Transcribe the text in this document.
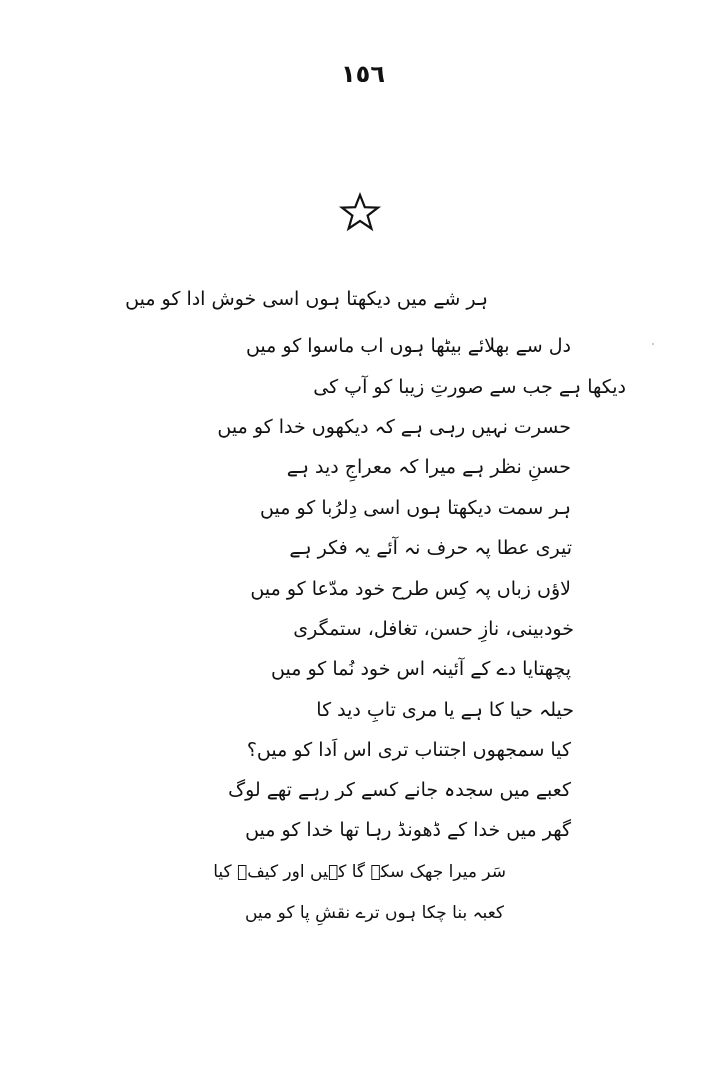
١٥٦
ہر شے میں دیکھتا ہوں اسی خوش ادا کو میں
دل سے بھلائے بیٹھا ہوں اب ماسوا کو میں
دیکھا ہے جب سے صورتِ زیبا کو آپ کی
حسرت نہیں رہی ہے کہ دیکھوں خدا کو میں
حسنِ نظر ہے میرا کہ معراجِ دید ہے
ہر سمت دیکھتا ہوں اسی دِلرُبا کو میں
تیری عطا پہ حرف نہ آئے یہ فکر ہے
لاؤں زباں پہ کِس طرح خود مدّعا کو میں
خودبینی، نازِ حسن، تغافل، ستمگری
پچھتایا دے کے آئینہ اس خود نُما کو میں
حیلہ حیا کا ہے یا مری تابِ دید کا
کیا سمجھوں اجتناب تری اس اَدا کو میں؟
کعبے میں سجدہ جانے کسے کر رہے تھے لوگ
گھر میں خدا کے ڈھونڈ رہا تھا خدا کو میں
سَر میرا جھک سکے گا کہیں اور کیفؔ کیا
کعبہ بنا چکا ہوں ترے نقشِ پا کو میں
